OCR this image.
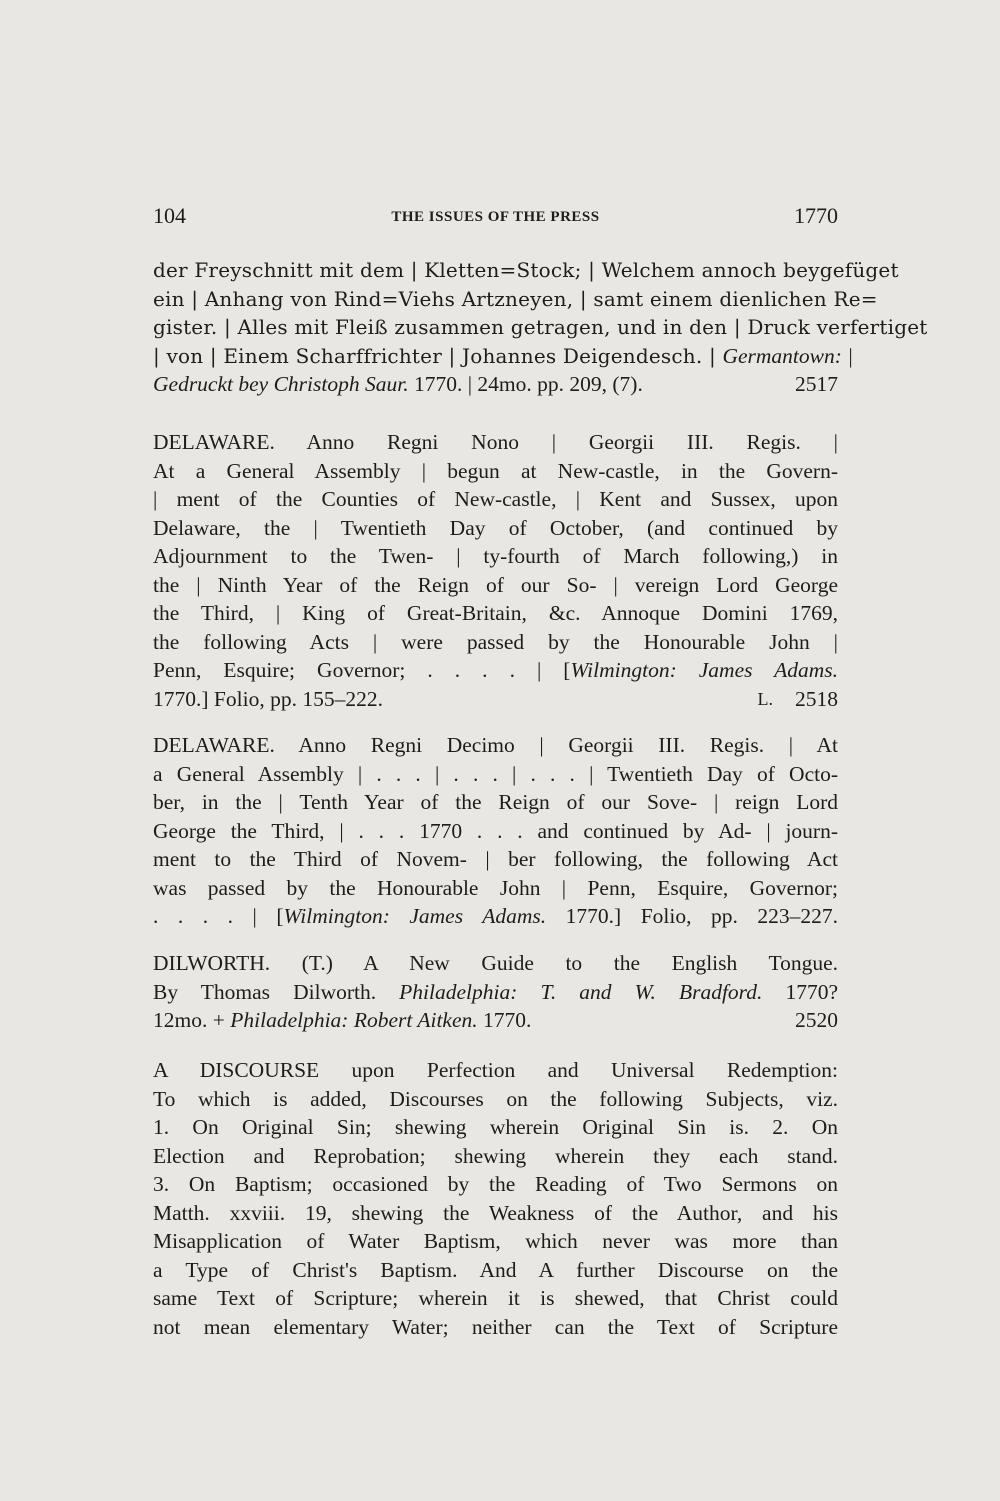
104	THE ISSUES OF THE PRESS	1770
der Freyschnitt mit dem | Kletten=Stock; | Welchem annoch beygefüget
ein | Anhang von Rind=Viehs Artzneyen, | samt einem dienlichen Re=
gister. | Alles mit Fleiß zusammen getragen, und in den | Druck verfertiget
| von | Einem Scharffrichter | Johannes Deigendesch. | Germantown: |
Gedruckt bey Christoph Saur. 1770. | 24mo. pp. 209, (7).	2517
DELAWARE. Anno Regni Nono | Georgii III. Regis. |
At a General Assembly | begun at New-castle, in the Govern-
| ment of the Counties of New-castle, | Kent and Sussex, upon
Delaware, the | Twentieth Day of October, (and continued by
Adjournment to the Twen- | ty-fourth of March following,) in
the | Ninth Year of the Reign of our So- | vereign Lord George
the Third, | King of Great-Britain, &c. Annoque Domini 1769,
the following Acts | were passed by the Honourable John |
Penn, Esquire; Governor; . . . . | [Wilmington: James Adams.
1770.] Folio, pp. 155–222.	2518
L.
DELAWARE. Anno Regni Decimo | Georgii III. Regis. | At
a General Assembly | . . . | . . . | . . . | Twentieth Day of Octo-
ber, in the | Tenth Year of the Reign of our Sove- | reign Lord
George the Third, | . . . 1770 . . . and continued by Ad- | journ-
ment to the Third of Novem- | ber following, the following Act
was passed by the Honourable John | Penn, Esquire, Governor;
. . . . | [Wilmington: James Adams. 1770.] Folio, pp. 223–227.
DILWORTH. (T.) A New Guide to the English Tongue.
By Thomas Dilworth. Philadelphia: T. and W. Bradford. 1770?
12mo. + Philadelphia: Robert Aitken. 1770.	2520
A DISCOURSE upon Perfection and Universal Redemption:
To which is added, Discourses on the following Subjects, viz.
1. On Original Sin; shewing wherein Original Sin is. 2. On
Election and Reprobation; shewing wherein they each stand.
3. On Baptism; occasioned by the Reading of Two Sermons on
Matth. xxviii. 19, shewing the Weakness of the Author, and his
Misapplication of Water Baptism, which never was more than
a Type of Christ's Baptism. And A further Discourse on the
same Text of Scripture; wherein it is shewed, that Christ could
not mean elementary Water; neither can the Text of Scripture
